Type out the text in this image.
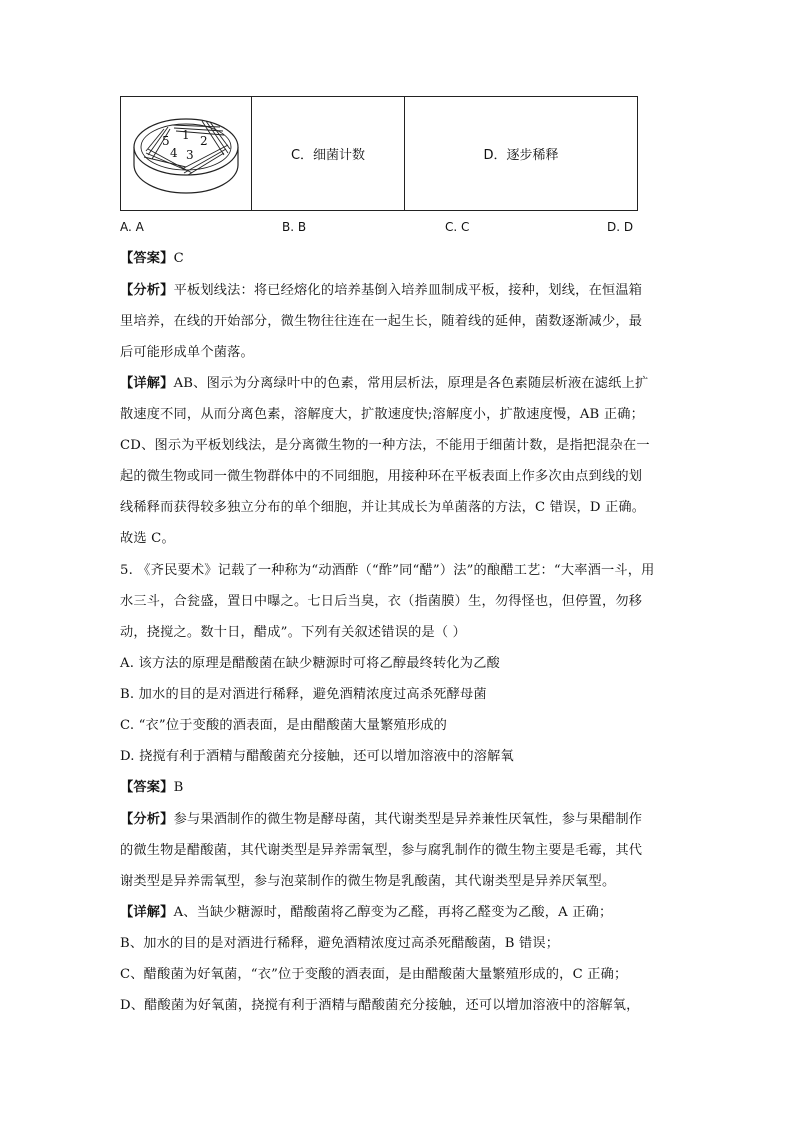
1 2
3
4
5
	C．细菌计数	D．逐步稀释
A. A	B. B	C. C	D. D
【答案】C
【分析】平板划线法：将已经熔化的培养基倒入培养皿制成平板，接种，划线，在恒温箱
里培养，在线的开始部分，微生物往往连在一起生长，随着线的延伸，菌数逐渐减少，最
后可能形成单个菌落。
【详解】AB、图示为分离绿叶中的色素，常用层析法，原理是各色素随层析液在滤纸上扩
散速度不同，从而分离色素，溶解度大，扩散速度快;溶解度小，扩散速度慢，AB 正确；
CD、图示为平板划线法，是分离微生物的一种方法，不能用于细菌计数，是指把混杂在一
起的微生物或同一微生物群体中的不同细胞，用接种环在平板表面上作多次由点到线的划
线稀释而获得较多独立分布的单个细胞，并让其成长为单菌落的方法，C 错误，D 正确。
故选 C。
5. 《齐民要术》记载了一种称为“动酒酢（“酢”同“醋”）法”的酿醋工艺：“大率酒一斗，用
水三斗，合瓮盛，置日中曝之。七日后当臭，衣（指菌膜）生，勿得怪也，但停置，勿移
动，挠搅之。数十日，醋成”。下列有关叙述错误的是（ ）
A. 该方法的原理是醋酸菌在缺少糖源时可将乙醇最终转化为乙酸
B. 加水的目的是对酒进行稀释，避免酒精浓度过高杀死酵母菌
C. “衣”位于变酸的酒表面，是由醋酸菌大量繁殖形成的
D. 挠搅有利于酒精与醋酸菌充分接触，还可以增加溶液中的溶解氧
【答案】B
【分析】参与果酒制作的微生物是酵母菌，其代谢类型是异养兼性厌氧性，参与果醋制作
的微生物是醋酸菌，其代谢类型是异养需氧型，参与腐乳制作的微生物主要是毛霉，其代
谢类型是异养需氧型，参与泡菜制作的微生物是乳酸菌，其代谢类型是异养厌氧型。
【详解】A、当缺少糖源时，醋酸菌将乙醇变为乙醛，再将乙醛变为乙酸，A 正确；
B、加水的目的是对酒进行稀释，避免酒精浓度过高杀死醋酸菌，B 错误；
C、醋酸菌为好氧菌，“衣”位于变酸的酒表面，是由醋酸菌大量繁殖形成的，C 正确；
D、醋酸菌为好氧菌，挠搅有利于酒精与醋酸菌充分接触，还可以增加溶液中的溶解氧，
